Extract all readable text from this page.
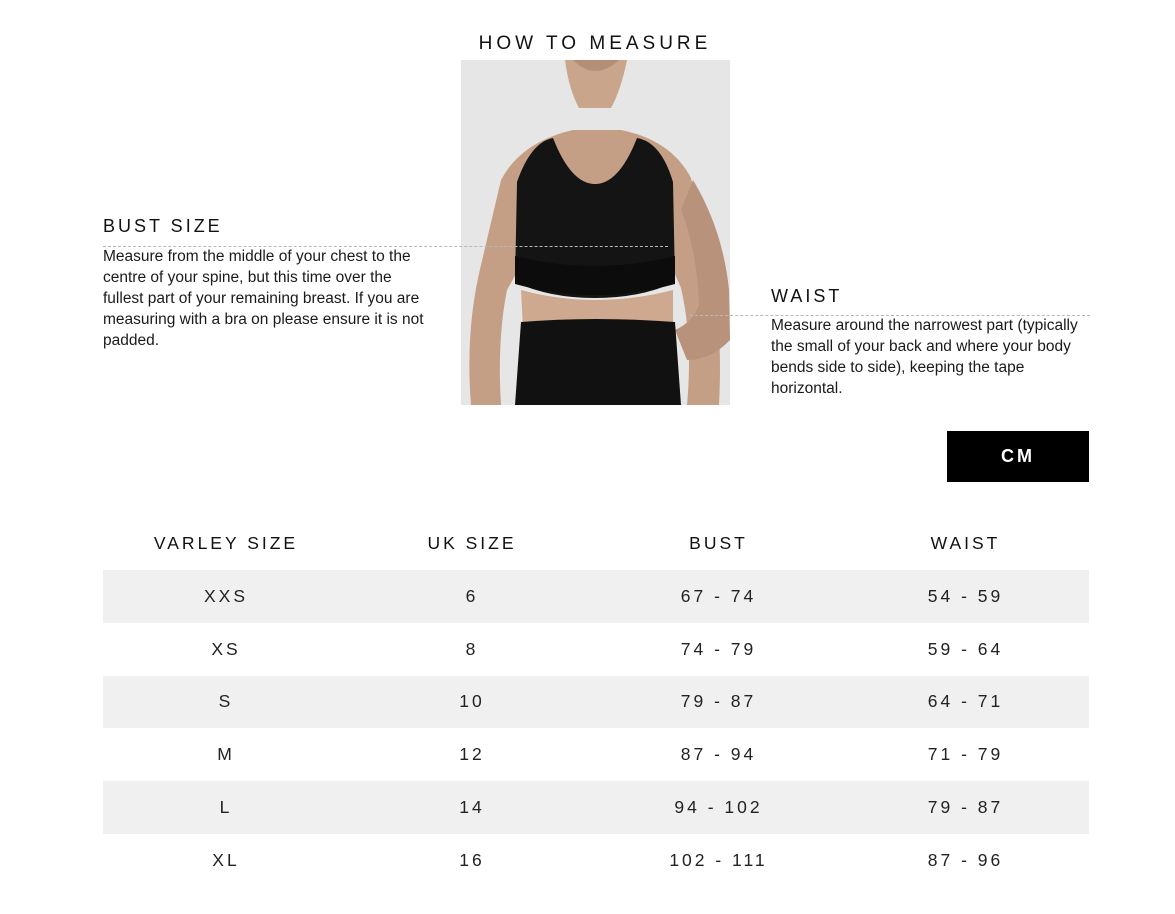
HOW TO MEASURE
BUST SIZE
Measure from the middle of your chest to the centre of your spine, but this time over the fullest part of your remaining breast. If you are measuring with a bra on please ensure it is not padded.
WAIST
Measure around the narrowest part (typically the small of your back and where your body bends side to side), keeping the tape horizontal.
CM
VARLEY SIZE	UK SIZE	BUST	WAIST
XXS	6	67 - 74	54 - 59
XS	8	74 - 79	59 - 64
S	10	79 - 87	64 - 71
M	12	87 - 94	71 - 79
L	14	94 - 102	79 - 87
XL	16	102 - 111	87 - 96
